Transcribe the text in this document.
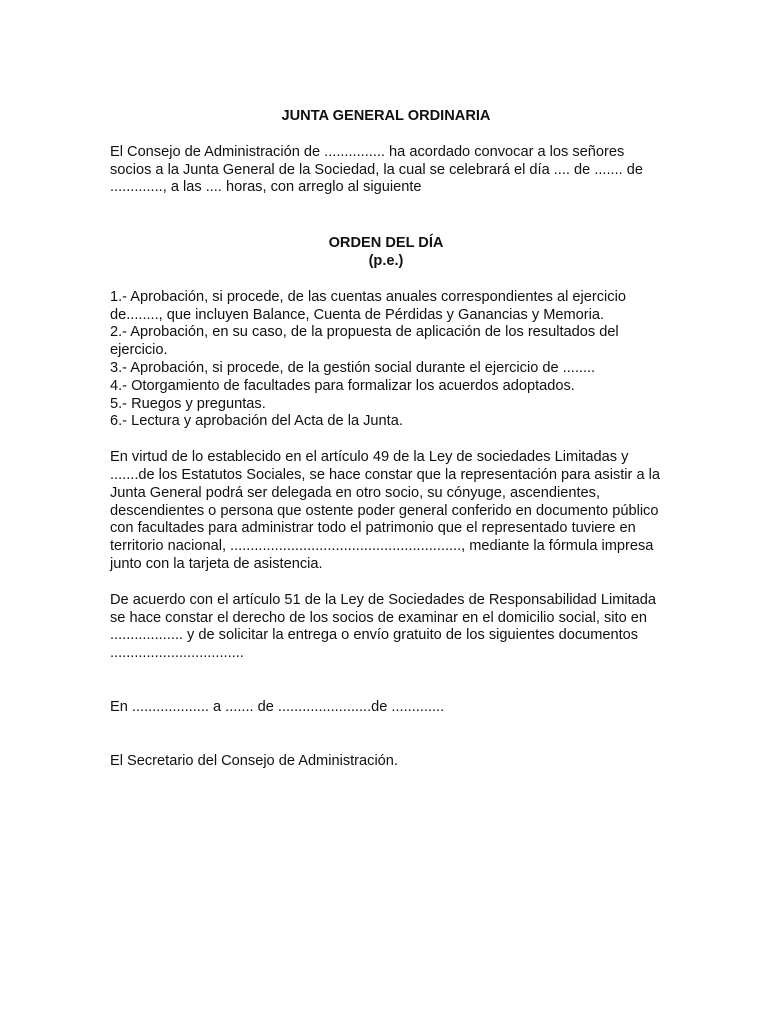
JUNTA GENERAL ORDINARIA

El Consejo de Administración de ............... ha acordado convocar a los señores socios a la Junta General de la Sociedad, la cual se celebrará el día .... de ....... de ............., a las .... horas, con arreglo al siguiente

ORDEN DEL DÍA
(p.e.)
1.- Aprobación, si procede, de las cuentas anuales correspondientes al ejercicio de........, que incluyen Balance, Cuenta de Pérdidas y Ganancias y Memoria.
2.- Aprobación, en su caso, de la propuesta de aplicación de los resultados del ejercicio.
3.- Aprobación, si procede, de la gestión social durante el ejercicio de ........
4.- Otorgamiento de facultades para formalizar los acuerdos adoptados.
5.- Ruegos y preguntas.
6.- Lectura y aprobación del Acta de la Junta.

En virtud de lo establecido en el artículo 49 de la Ley de sociedades Limitadas y .......de los Estatutos Sociales, se hace constar que la representación para asistir a la Junta General podrá ser delegada en otro socio, su cónyuge, ascendientes, descendientes o persona que ostente poder general conferido en documento público con facultades para administrar todo el patrimonio que el representado tuviere en territorio nacional, ........................................................., mediante la fórmula impresa junto con la tarjeta de asistencia.

De acuerdo con el artículo 51 de la Ley de Sociedades de Responsabilidad Limitada se hace constar el derecho de los socios de examinar en el domicilio social, sito en .................. y de solicitar la entrega o envío gratuito de los siguientes documentos .................................

En ................... a ....... de .......................de .............

El Secretario del Consejo de Administración.
